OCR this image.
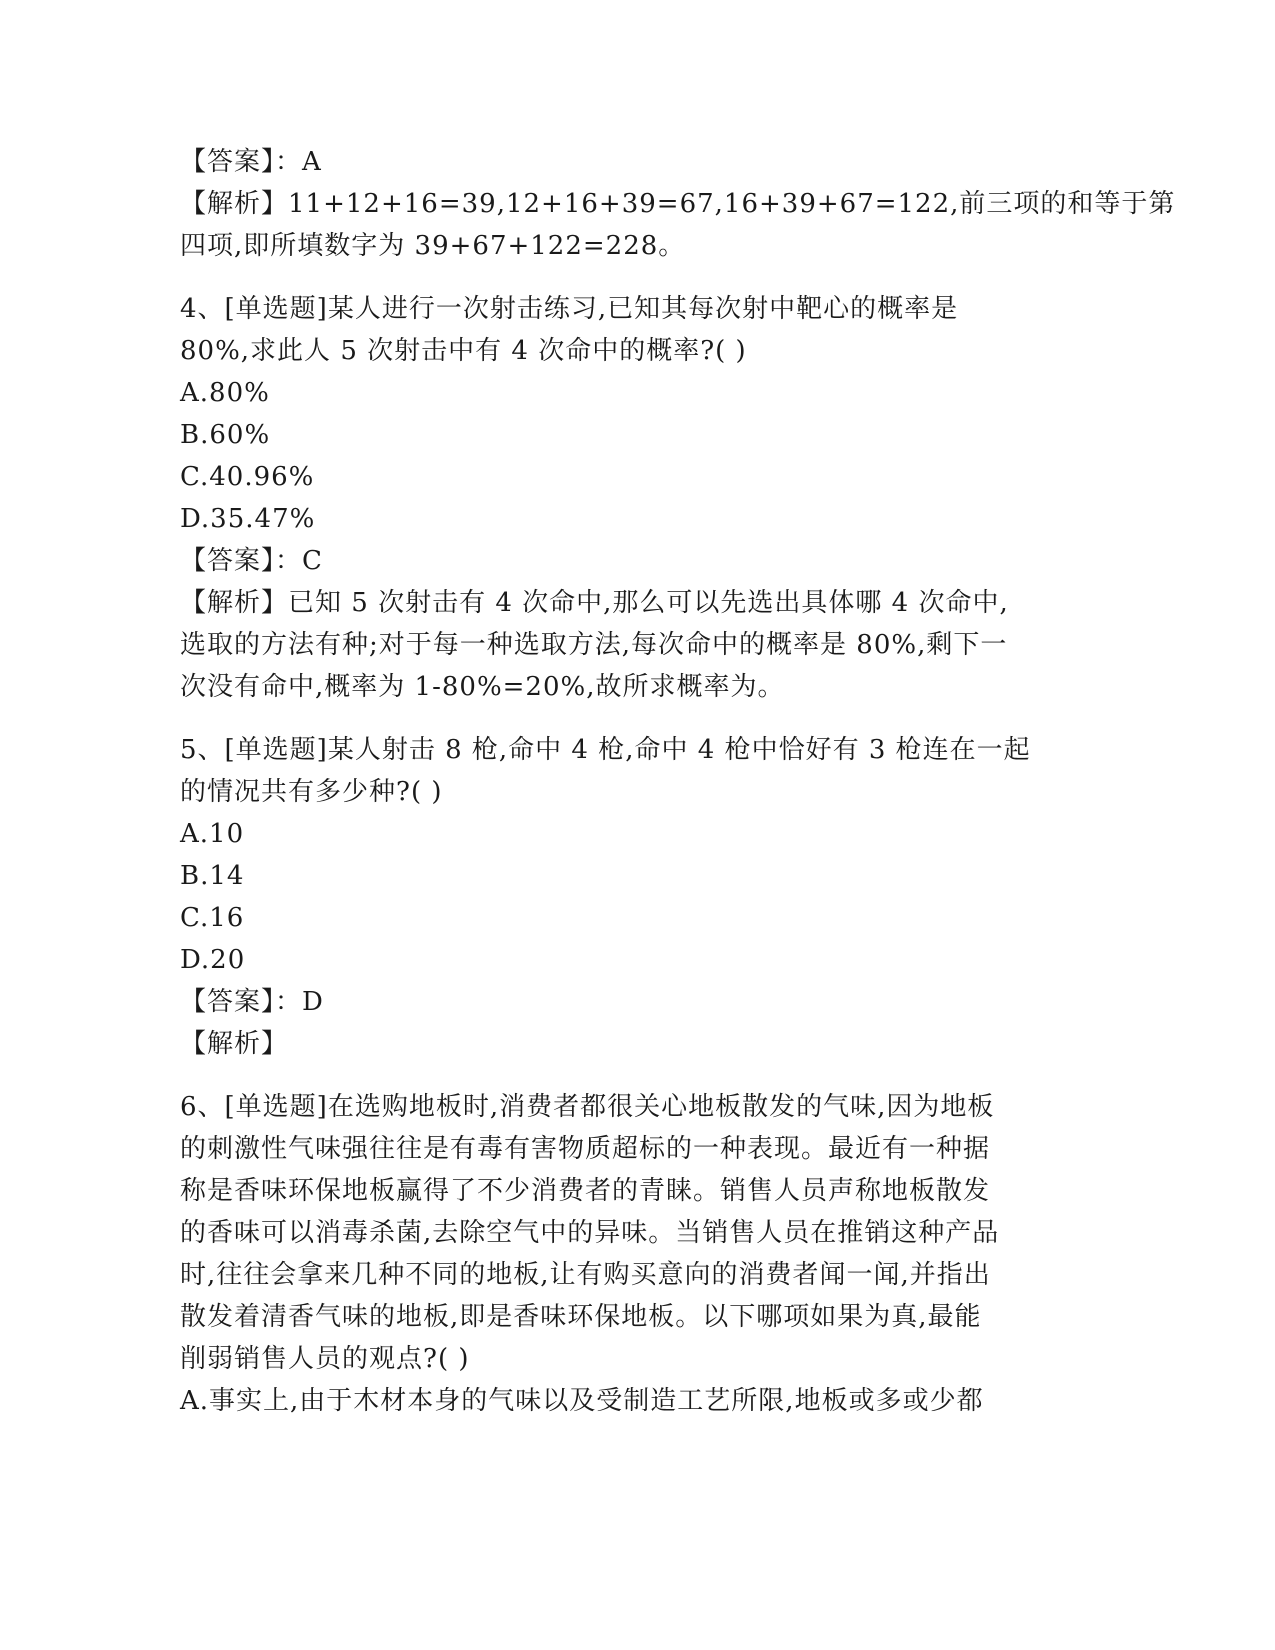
【答案】：A
【解析】11+12+16=39,12+16+39=67,16+39+67=122,前三项的和等于第
四项,即所填数字为 39+67+122=228。
4、[单选题]某人进行一次射击练习,已知其每次射中靶心的概率是
80%,求此人 5 次射击中有 4 次命中的概率?( )
A.80%
B.60%
C.40.96%
D.35.47%
【答案】：C
【解析】已知 5 次射击有 4 次命中,那么可以先选出具体哪 4 次命中,
选取的方法有种;对于每一种选取方法,每次命中的概率是 80%,剩下一
次没有命中,概率为 1-80%=20%,故所求概率为。
5、[单选题]某人射击 8 枪,命中 4 枪,命中 4 枪中恰好有 3 枪连在一起
的情况共有多少种?( )
A.10
B.14
C.16
D.20
【答案】：D
【解析】
6、[单选题]在选购地板时,消费者都很关心地板散发的气味,因为地板
的刺激性气味强往往是有毒有害物质超标的一种表现。最近有一种据
称是香味环保地板赢得了不少消费者的青睐。销售人员声称地板散发
的香味可以消毒杀菌,去除空气中的异味。当销售人员在推销这种产品
时,往往会拿来几种不同的地板,让有购买意向的消费者闻一闻,并指出
散发着清香气味的地板,即是香味环保地板。以下哪项如果为真,最能
削弱销售人员的观点?( )
A.事实上,由于木材本身的气味以及受制造工艺所限,地板或多或少都
